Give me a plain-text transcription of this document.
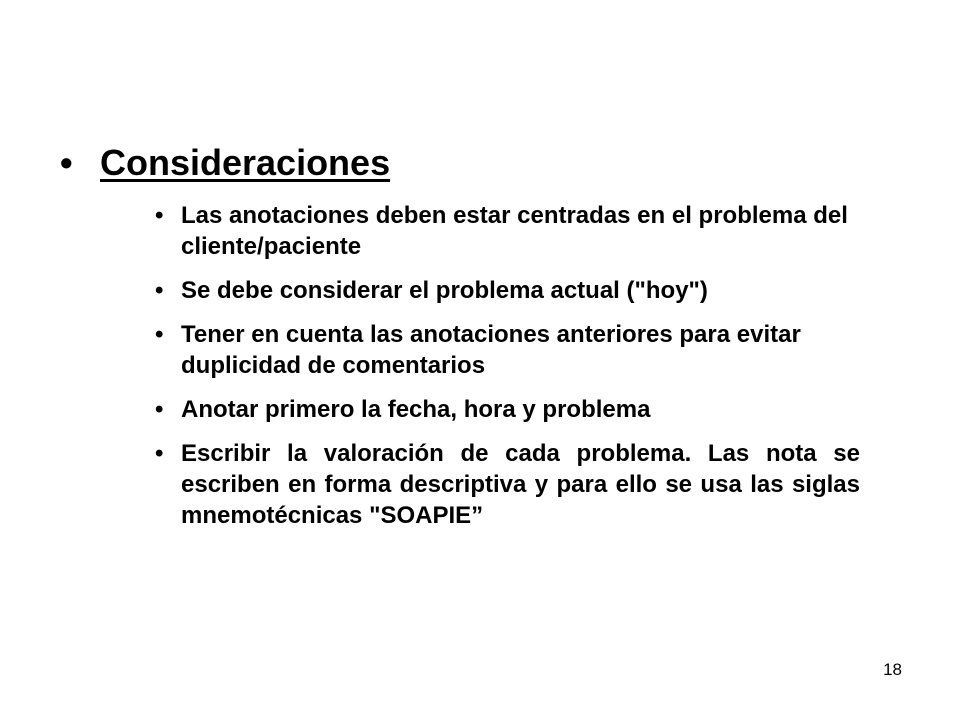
• Consideraciones
• Las anotaciones deben estar centradas en el problema del cliente/paciente
• Se debe considerar el problema actual ("hoy")
• Tener en cuenta las anotaciones anteriores para evitar duplicidad de comentarios
• Anotar primero la fecha, hora y problema
• Escribir la valoración de cada problema. Las nota se escriben en forma descriptiva y para ello se usa las siglas mnemotécnicas "SOAPIE”
18
